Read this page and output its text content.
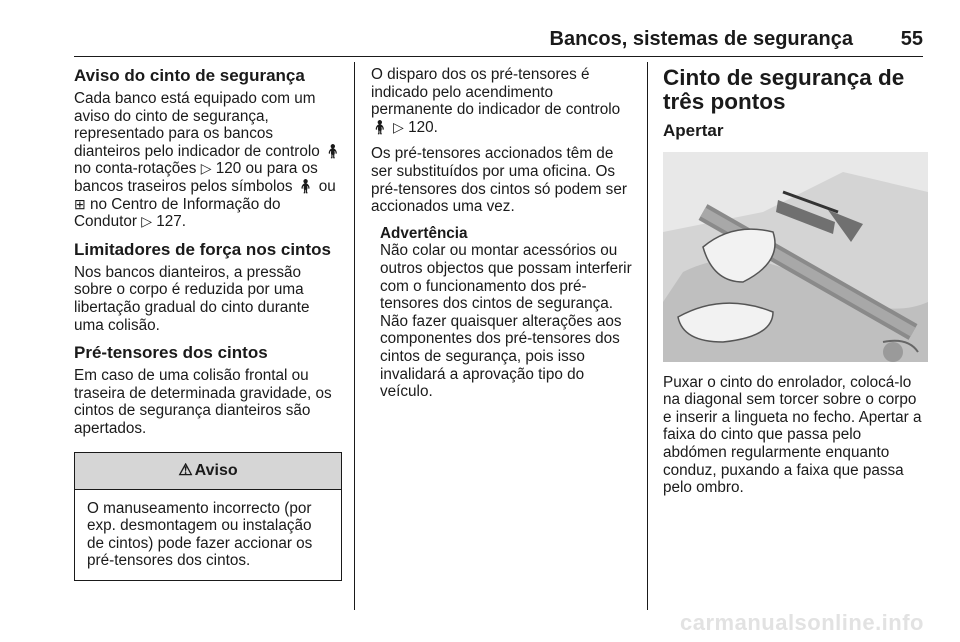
Bancos, sistemas de segurança 55
Aviso do cinto de segurança

Cada banco está equipado com um aviso do cinto de segurança, representado para os bancos dianteiros pelo indicador de controlo 🧍︎ no conta-rotações ▷ 120 ou para os bancos traseiros pelos símbolos 🧍︎ ou ⊞ no Centro de Informação do Condutor ▷ 127.

Limitadores de força nos cintos

Nos bancos dianteiros, a pressão sobre o corpo é reduzida por uma libertação gradual do cinto durante uma colisão.

Pré-tensores dos cintos

Em caso de uma colisão frontal ou traseira de determinada gravidade, os cintos de segurança dianteiros são apertados.

⚠︎ Aviso
O manuseamento incorrecto (por exp. desmontagem ou instalação de cintos) pode fazer accionar os pré-tensores dos cintos.

O disparo dos os pré-tensores é indicado pelo acendimento permanente do indicador de controlo 🧍︎ ▷ 120.

Os pré-tensores accionados têm de ser substituídos por uma oficina. Os pré-tensores dos cintos só podem ser accionados uma vez.

Advertência
Não colar ou montar acessórios ou outros objectos que possam interferir com o funcionamento dos pré-tensores dos cintos de segurança. Não fazer quaisquer alterações aos componentes dos pré-tensores dos cintos de segurança, pois isso invalidará a aprovação tipo do veículo.
Cinto de segurança de três pontos
Apertar

Puxar o cinto do enrolador, colocá-lo na diagonal sem torcer sobre o corpo e inserir a lingueta no fecho. Apertar a faixa do cinto que passa pelo abdómen regularmente enquanto conduz, puxando a faixa que passa pelo ombro.

carmanualsonline.info
